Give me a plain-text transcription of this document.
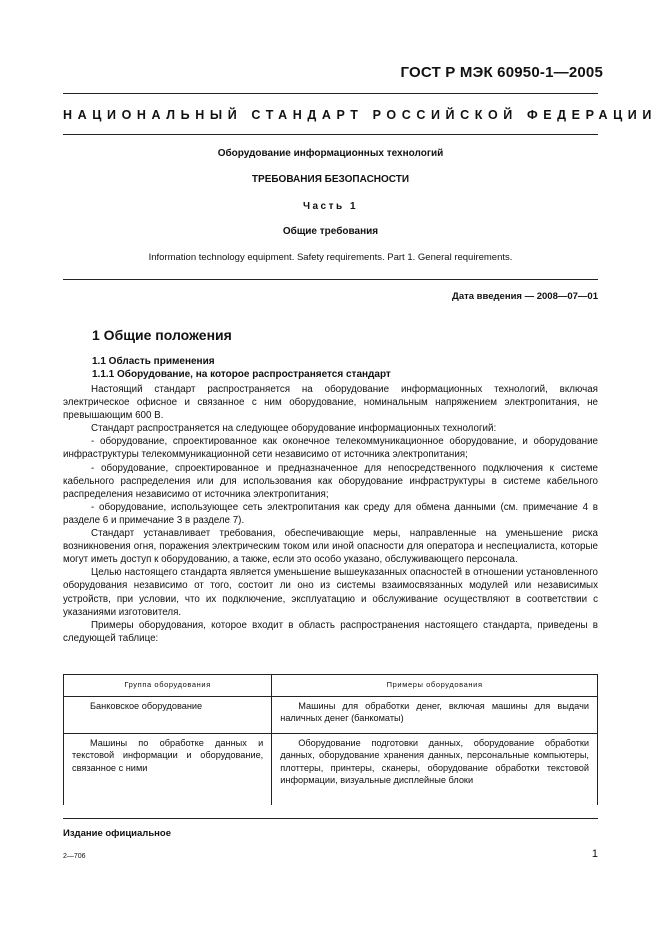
ГОСТ Р МЭК 60950-1—2005
НАЦИОНАЛЬНЫЙ СТАНДАРТ РОССИЙСКОЙ ФЕДЕРАЦИИ
Оборудование информационных технологий
ТРЕБОВАНИЯ БЕЗОПАСНОСТИ
Часть 1
Общие требования
Information technology equipment. Safety requirements. Part 1. General requirements.
Дата введения — 2008—07—01
1 Общие положения
1.1 Область применения
1.1.1 Оборудование, на которое распространяется стандарт

Настоящий стандарт распространяется на оборудование информационных технологий, включая электрическое офисное и связанное с ним оборудование, номинальным напряжением электропитания, не превышающим 600 В.

Стандарт распространяется на следующее оборудование информационных технологий:

- оборудование, спроектированное как оконечное телекоммуникационное оборудование, и оборудование инфраструктуры телекоммуникационной сети независимо от источника электропитания;

- оборудование, спроектированное и предназначенное для непосредственного подключения к системе кабельного распределения или для использования как оборудование инфраструктуры в системе кабельного распределения независимо от источника электропитания;

- оборудование, использующее сеть электропитания как среду для обмена данными (см. примечание 4 в разделе 6 и примечание 3 в разделе 7).

Стандарт устанавливает требования, обеспечивающие меры, направленные на уменьшение риска возникновения огня, поражения электрическим током или иной опасности для оператора и неспециалиста, которые могут иметь доступ к оборудованию, а также, если это особо указано, обслуживающего персонала.

Целью настоящего стандарта является уменьшение вышеуказанных опасностей в отношении установленного оборудования независимо от того, состоит ли оно из системы взаимосвязанных модулей или независимых устройств, при условии, что их подключение, эксплуатацию и обслуживание осуществляют в соответствии с указаниями изготовителя.

Примеры оборудования, которое входит в область распространения настоящего стандарта, приведены в следующей таблице:

Группа оборудования	Примеры оборудования
Банковское оборудование	Машины для обработки денег, включая машины для выдачи наличных денег (банкоматы)
Машины по обработке данных и текстовой информации и оборудование, связанное с ними	Оборудование подготовки данных, оборудование обработки данных, оборудование хранения данных, персональные компьютеры, плоттеры, принтеры, сканеры, оборудование обработки текстовой информации, визуальные дисплейные блоки
Издание официальное
2—706	1
